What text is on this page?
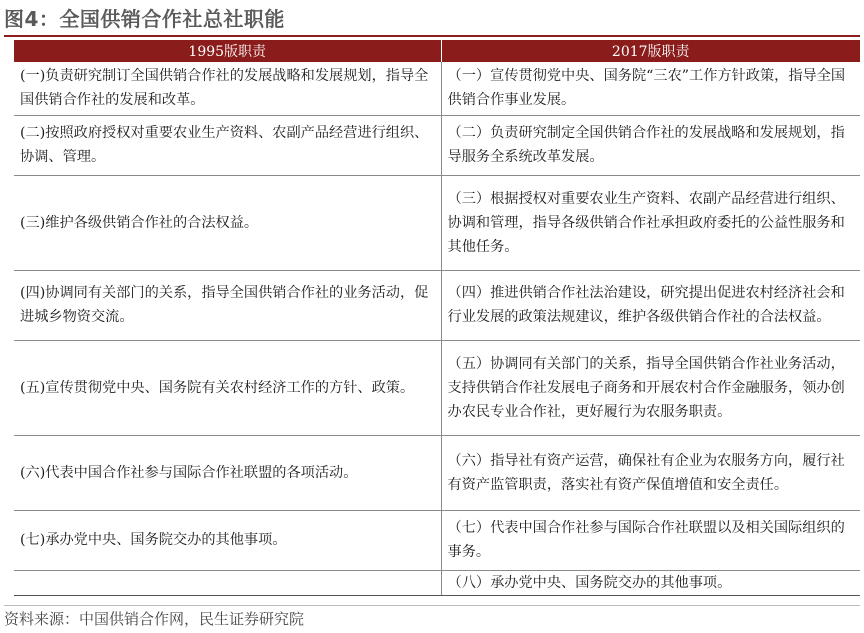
图4：全国供销合作社总社职能
1995版职责	2017版职责
(一)负责研究制订全国供销合作社的发展战略和发展规划，指导全国供销合作社的发展和改革。	（一）宣传贯彻党中央、国务院“三农”工作方针政策，指导全国供销合作事业发展。
(二)按照政府授权对重要农业生产资料、农副产品经营进行组织、协调、管理。	（二）负责研究制定全国供销合作社的发展战略和发展规划，指导服务全系统改革发展。
(三)维护各级供销合作社的合法权益。	（三）根据授权对重要农业生产资料、农副产品经营进行组织、协调和管理，指导各级供销合作社承担政府委托的公益性服务和其他任务。
(四)协调同有关部门的关系，指导全国供销合作社的业务活动，促进城乡物资交流。	（四）推进供销合作社法治建设，研究提出促进农村经济社会和行业发展的政策法规建议，维护各级供销合作社的合法权益。
(五)宣传贯彻党中央、国务院有关农村经济工作的方针、政策。	（五）协调同有关部门的关系，指导全国供销合作社业务活动，支持供销合作社发展电子商务和开展农村合作金融服务，领办创办农民专业合作社，更好履行为农服务职责。
(六)代表中国合作社参与国际合作社联盟的各项活动。	（六）指导社有资产运营，确保社有企业为农服务方向，履行社有资产监管职责，落实社有资产保值增值和安全责任。
(七)承办党中央、国务院交办的其他事项。	（七）代表中国合作社参与国际合作社联盟以及相关国际组织的事务。
	（八）承办党中央、国务院交办的其他事项。
资料来源：中国供销合作网，民生证券研究院
